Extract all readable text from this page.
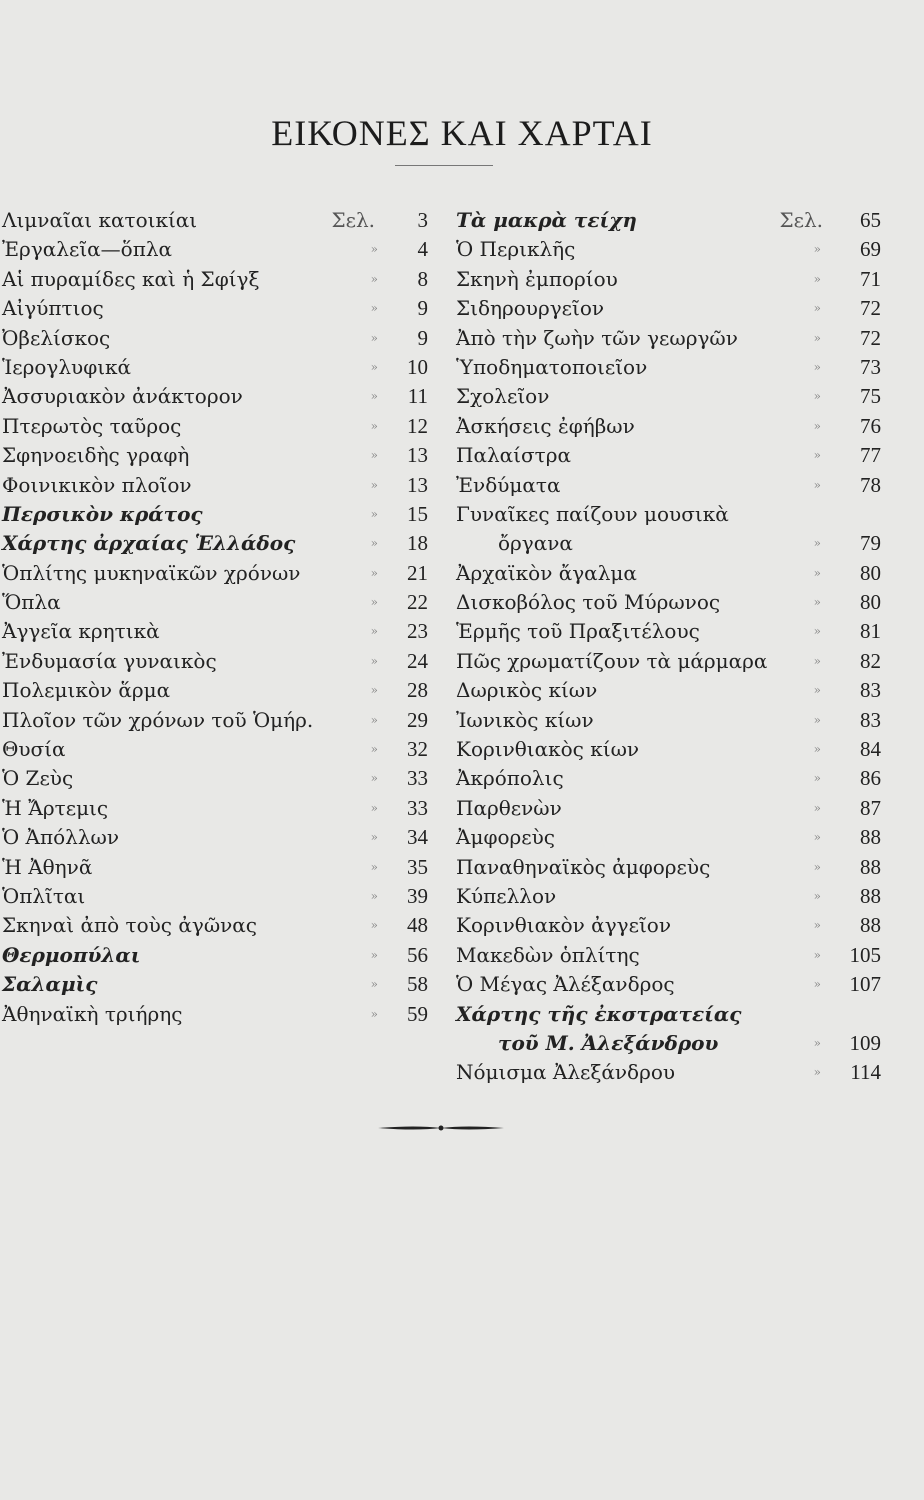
ΕΙΚΟΝΕΣ ΚΑΙ ΧΑΡΤΑΙ
Λιμναῖαι κατοικίαι	Σελ. 3
Ἐργαλεῖα—ὅπλα	» 4
Αἱ πυραμίδες καὶ ἡ Σφίγξ	» 8
Αἰγύπτιος	» 9
Ὀβελίσκος	» 9
Ἱερογλυφικά	» 10
Ἀσσυριακὸν ἀνάκτορον	» 11
Πτερωτὸς ταῦρος	» 12
Σφηνοειδὴς γραφὴ	» 13
Φοινικικὸν πλοῖον	» 13
Περσικὸν κράτος	» 15
Χάρτης ἀρχαίας Ἑλλάδος	» 18
Ὁπλίτης μυκηναϊκῶν χρόνων	» 21
Ὅπλα	» 22
Ἀγγεῖα κρητικὰ	» 23
Ἐνδυμασία γυναικὸς	» 24
Πολεμικὸν ἅρμα	» 28
Πλοῖον τῶν χρόνων τοῦ Ὁμήρ.	» 29
Θυσία	» 32
Ὁ Ζεὺς	» 33
Ἡ Ἄρτεμις	» 33
Ὁ Ἀπόλλων	» 34
Ἡ Ἀθηνᾶ	» 35
Ὁπλῖται	» 39
Σκηναὶ ἀπὸ τοὺς ἀγῶνας	» 48
Θερμοπύλαι	» 56
Σαλαμὶς	» 58
Ἀθηναϊκὴ τριήρης	» 59
Τὰ μακρὰ τείχη	Σελ. 65
Ὁ Περικλῆς	» 69
Σκηνὴ ἐμπορίου	» 71
Σιδηρουργεῖον	» 72
Ἀπὸ τὴν ζωὴν τῶν γεωργῶν	» 72
Ὑποδηματοποιεῖον	» 73
Σχολεῖον	» 75
Ἀσκήσεις ἐφήβων	» 76
Παλαίστρα	» 77
Ἐνδύματα	» 78
Γυναῖκες παίζουν μουσικὰ
ὄργανα	» 79
Ἀρχαϊκὸν ἄγαλμα	» 80
Δισκοβόλος τοῦ Μύρωνος	» 80
Ἑρμῆς τοῦ Πραξιτέλους	» 81
Πῶς χρωματίζουν τὰ μάρμαρα	» 82
Δωρικὸς κίων	» 83
Ἰωνικὸς κίων	» 83
Κορινθιακὸς κίων	» 84
Ἀκρόπολις	» 86
Παρθενὼν	» 87
Ἀμφορεὺς	» 88
Παναθηναϊκὸς ἀμφορεὺς	» 88
Κύπελλον	» 88
Κορινθιακὸν ἀγγεῖον	» 88
Μακεδὼν ὁπλίτης	» 105
Ὁ Μέγας Ἀλέξανδρος	» 107
Χάρτης τῆς ἐκστρατείας
τοῦ Μ. Ἀλεξάνδρου	» 109
Νόμισμα Ἀλεξάνδρου	» 114
